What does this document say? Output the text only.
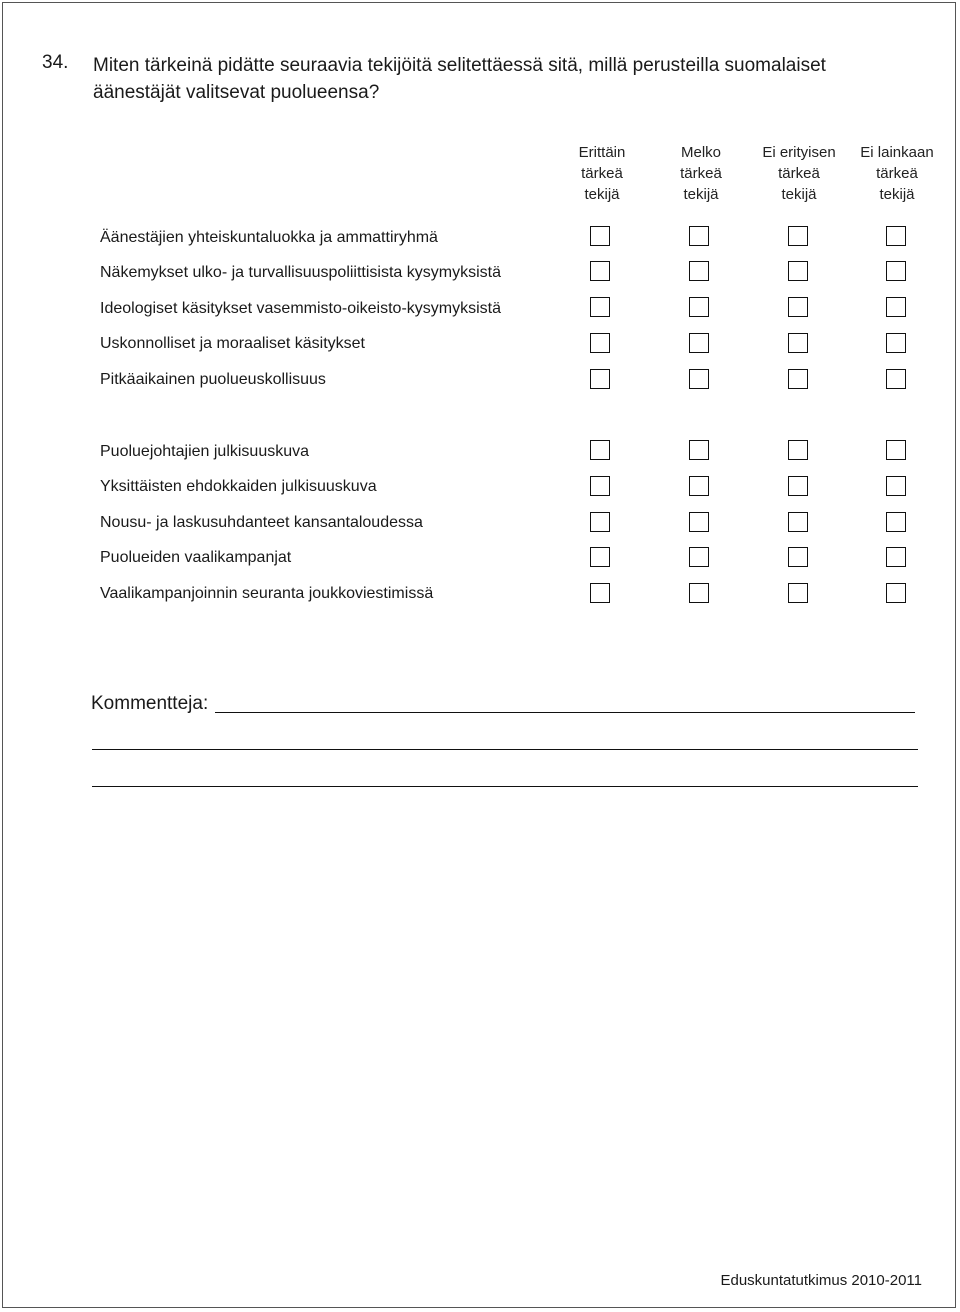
34. Miten tärkeinä pidätte seuraavia tekijöitä selitettäessä sitä, millä perusteilla suomalaiset äänestäjät valitsevat puolueensa?
Erittäin
tärkeä
tekijä
Melko
tärkeä
tekijä
Ei erityisen
tärkeä
tekijä
Ei lainkaan
tärkeä
tekijä
Äänestäjien yhteiskuntaluokka ja ammattiryhmä
Näkemykset ulko- ja turvallisuuspoliittisista kysymyksistä
Ideologiset käsitykset vasemmisto-oikeisto-kysymyksistä
Uskonnolliset ja moraaliset käsitykset
Pitkäaikainen puolueuskollisuus
Puoluejohtajien julkisuuskuva
Yksittäisten ehdokkaiden julkisuuskuva
Nousu- ja laskusuhdanteet kansantaloudessa
Puolueiden vaalikampanjat
Vaalikampanjoinnin seuranta joukkoviestimissä
Kommentteja:
Eduskuntatutkimus 2010-2011
